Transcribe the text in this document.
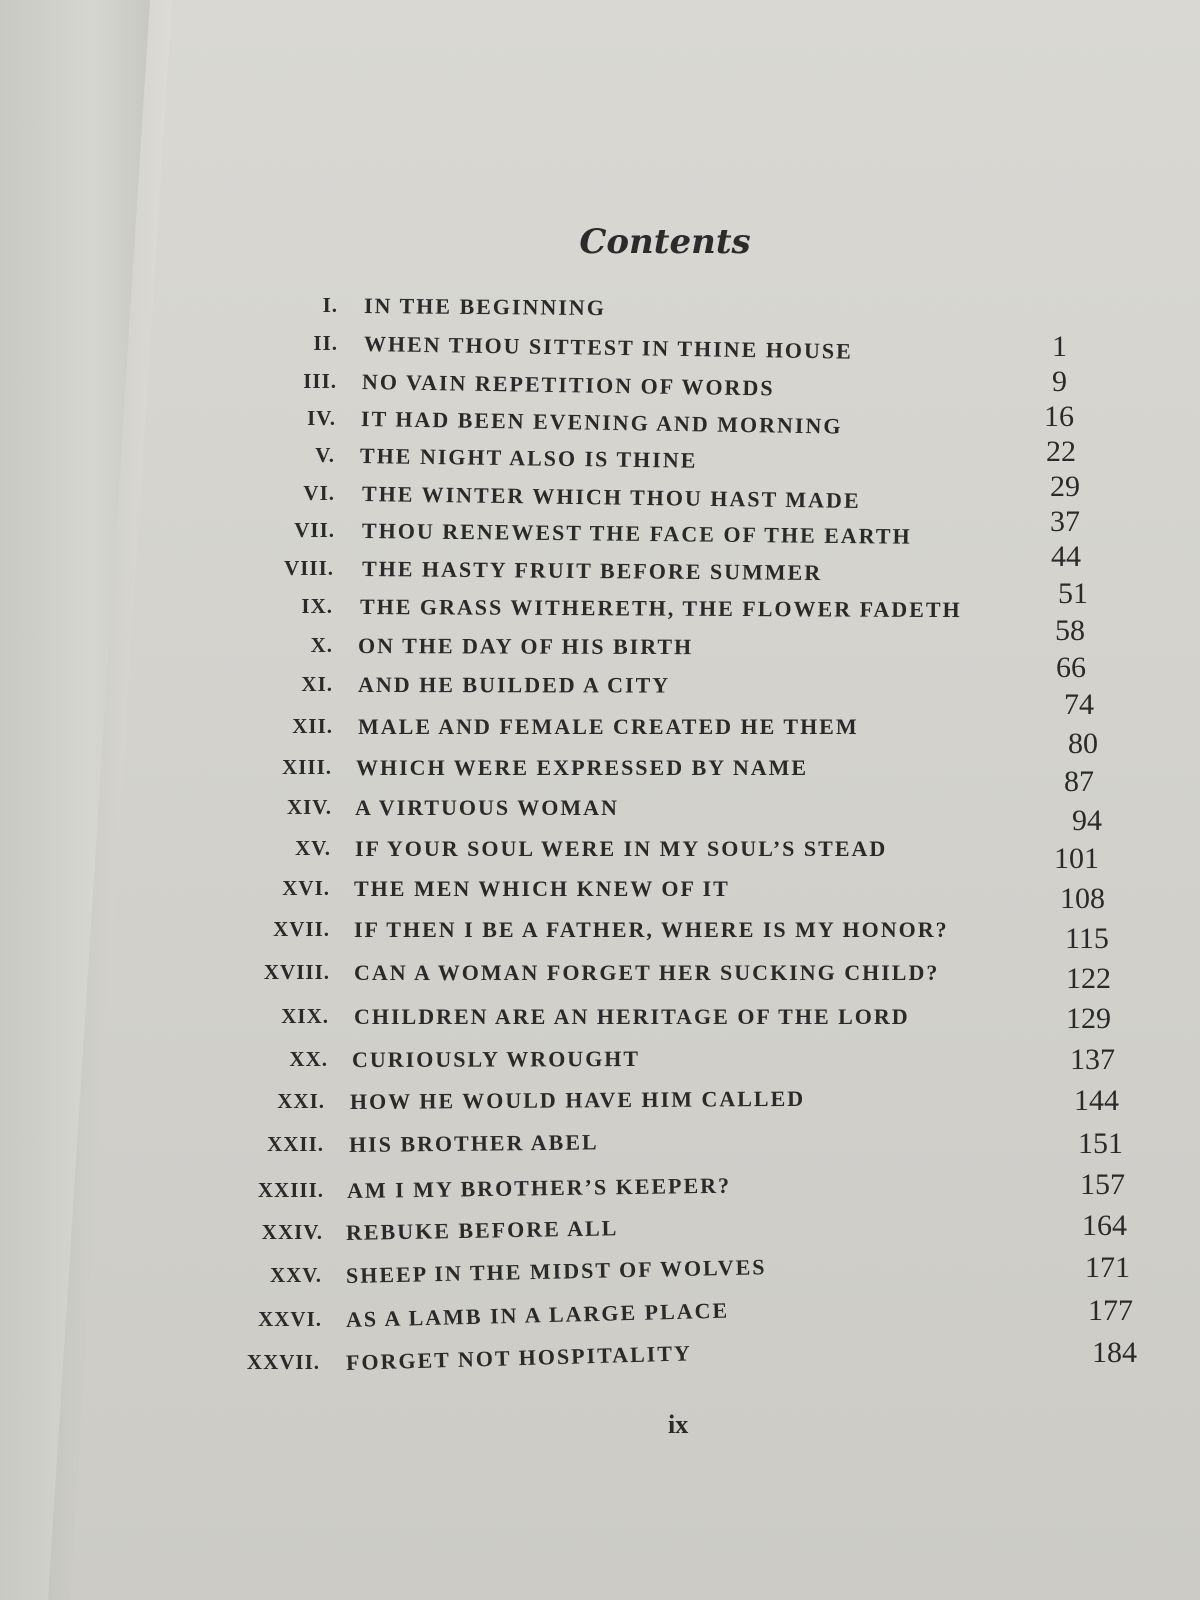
Contents
I. IN THE BEGINNING
II. WHEN THOU SITTEST IN THINE HOUSE
III. NO VAIN REPETITION OF WORDS
IV. IT HAD BEEN EVENING AND MORNING
V. THE NIGHT ALSO IS THINE
VI. THE WINTER WHICH THOU HAST MADE
VII. THOU RENEWEST THE FACE OF THE EARTH
VIII. THE HASTY FRUIT BEFORE SUMMER
IX. THE GRASS WITHERETH, THE FLOWER FADETH
X. ON THE DAY OF HIS BIRTH
XI. AND HE BUILDED A CITY
XII. MALE AND FEMALE CREATED HE THEM
XIII. WHICH WERE EXPRESSED BY NAME
XIV. A VIRTUOUS WOMAN
XV. IF YOUR SOUL WERE IN MY SOUL’S STEAD
XVI. THE MEN WHICH KNEW OF IT
XVII. IF THEN I BE A FATHER, WHERE IS MY HONOR?
XVIII. CAN A WOMAN FORGET HER SUCKING CHILD?
XIX. CHILDREN ARE AN HERITAGE OF THE LORD
XX. CURIOUSLY WROUGHT
XXI. HOW HE WOULD HAVE HIM CALLED
XXII. HIS BROTHER ABEL
XXIII. AM I MY BROTHER’S KEEPER?
XXIV. REBUKE BEFORE ALL
XXV. SHEEP IN THE MIDST OF WOLVES
XXVI. AS A LAMB IN A LARGE PLACE
XXVII. FORGET NOT HOSPITALITY
1
9
16
22
29
37
44
51
58
66
74
80
87
94
101
108
115
122
129
137
144
151
157
164
171
177
184
ix
